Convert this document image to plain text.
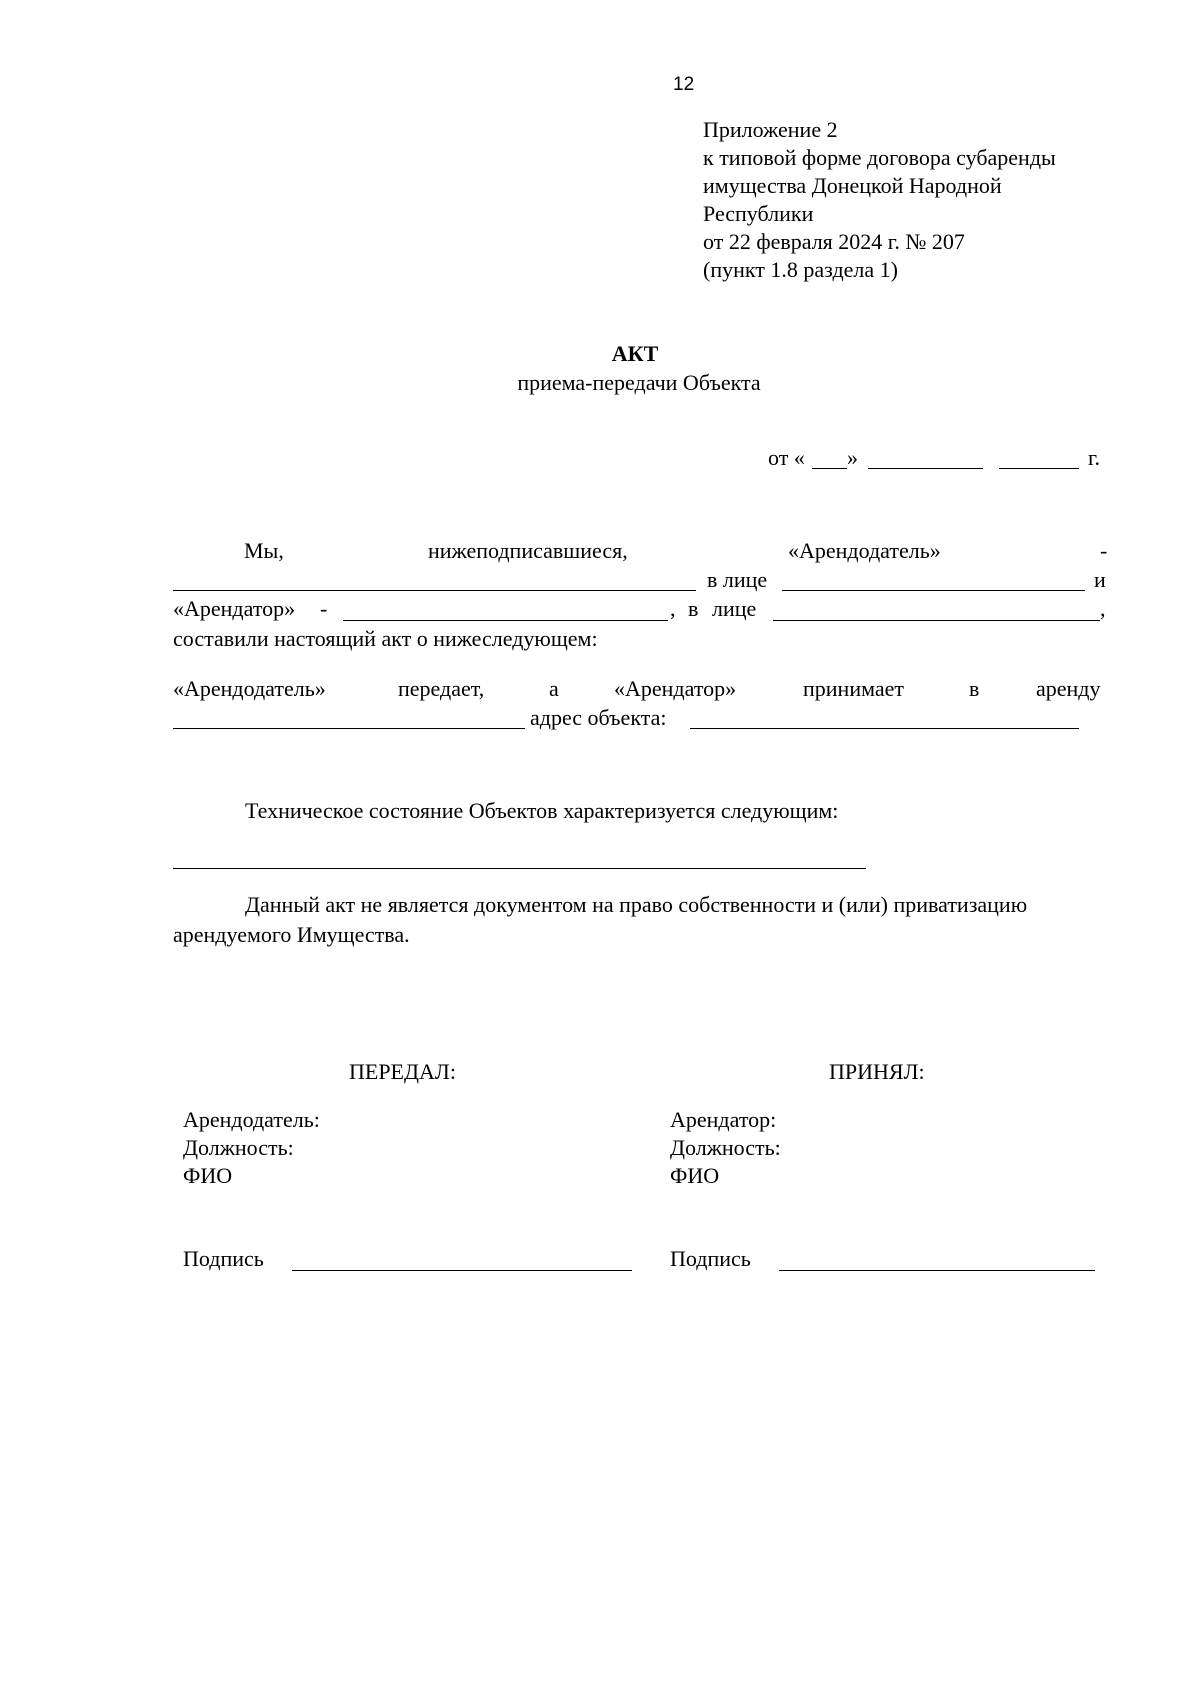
12
Приложение 2
к типовой форме договора субаренды
имущества Донецкой Народной
Республики
от 22 февраля 2024 г. № 207
(пункт 1.8 раздела 1)
АКТ
приема-передачи Объекта
от « »	г.
Мы,	нижеподписавшиеся,	«Арендодатель»	-
в лице	и
«Арендатор» -	, в лице	,
составили настоящий акт о нижеследующем:
«Арендодатель»	передает,	а	«Арендатор»	принимает	в	аренду
адрес объекта:
Техническое состояние Объектов характеризуется следующим:
Данный акт не является документом на право собственности и (или) приватизацию
арендуемого Имущества.
ПЕРЕДАЛ:	ПРИНЯЛ:
Арендодатель:
Должность:
ФИО
Подпись
Арендатор:
Должность:
ФИО
Подпись
